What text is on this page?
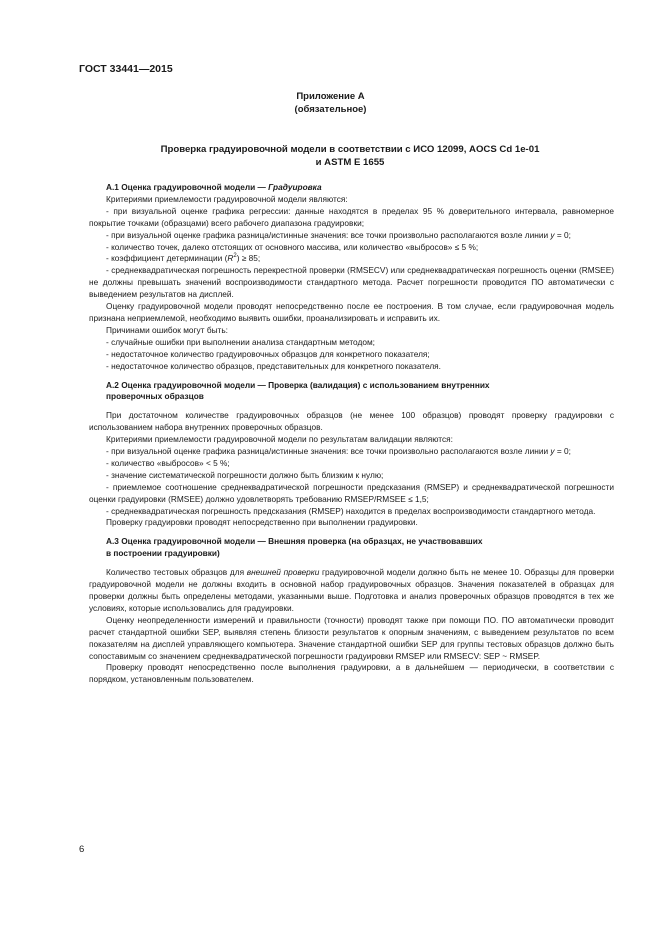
ГОСТ 33441—2015
Приложение А
(обязательное)
Проверка градуировочной модели в соответствии с ИСО 12099, AOCS Cd 1e-01
и ASTM E 1655
А.1 Оценка градуировочной модели — Градуировка

Критериями приемлемости градуировочной модели являются:

- при визуальной оценке графика регрессии: данные находятся в пределах 95 % доверительного интервала, равномерное покрытие точками (образцами) всего рабочего диапазона градуировки;

- при визуальной оценке графика разница/истинные значения: все точки произвольно располагаются возле линии y = 0;

- количество точек, далеко отстоящих от основного массива, или количество «выбросов» ≤ 5 %;

- коэффициент детерминации $(R^2) \ge 85$;

- среднеквадратическая погрешность перекрестной проверки (RMSECV) или среднеквадратическая погрешность оценки (RMSEE) не должны превышать значений воспроизводимости стандартного метода. Расчет погрешности проводится ПО автоматически с выведением результатов на дисплей.

Оценку градуировочной модели проводят непосредственно после ее построения. В том случае, если градуировочная модель признана неприемлемой, необходимо выявить ошибки, проанализировать и исправить их.

Причинами ошибок могут быть:

- случайные ошибки при выполнении анализа стандартным методом;

- недостаточное количество градуировочных образцов для конкретного показателя;

- недостаточное количество образцов, представительных для конкретного показателя.

А.2 Оценка градуировочной модели — Проверка (валидация) с использованием внутренних
проверочных образцов

При достаточном количестве градуировочных образцов (не менее 100 образцов) проводят проверку градуировки с использованием набора внутренних проверочных образцов.

Критериями приемлемости градуировочной модели по результатам валидации являются:

- при визуальной оценке графика разница/истинные значения: все точки произвольно располагаются возле линии y = 0;

- количество «выбросов» < 5 %;

- значение систематической погрешности должно быть близким к нулю;

- приемлемое соотношение среднеквадратической погрешности предсказания (RMSEP) и среднеквадратической погрешности оценки градуировки (RMSEE) должно удовлетворять требованию RMSEP/RMSEE ≤ 1,5;

- среднеквадратическая погрешность предсказания (RMSEP) находится в пределах воспроизводимости стандартного метода.

Проверку градуировки проводят непосредственно при выполнении градуировки.

А.3 Оценка градуировочной модели — Внешняя проверка (на образцах, не участвовавших
в построении градуировки)

Количество тестовых образцов для внешней проверки градуировочной модели должно быть не менее 10. Образцы для проверки градуировочной модели не должны входить в основной набор градуировочных образцов. Значения показателей в образцах для проверки должны быть определены методами, указанными выше. Подготовка и анализ проверочных образцов проводятся в тех же условиях, которые использовались для градуировки.

Оценку неопределенности измерений и правильности (точности) проводят также при помощи ПО. ПО автоматически проводит расчет стандартной ошибки SEP, выявляя степень близости результатов к опорным значениям, с выведением результатов по всем показателям на дисплей управляющего компьютера. Значение стандартной ошибки SEP для группы тестовых образцов должно быть сопоставимым со значением среднеквадратической погрешности градуировки RMSEP или RMSECV: SEP ~ RMSEP.

Проверку проводят непосредственно после выполнения градуировки, а в дальнейшем — периодически, в соответствии с порядком, установленным пользователем.

6
